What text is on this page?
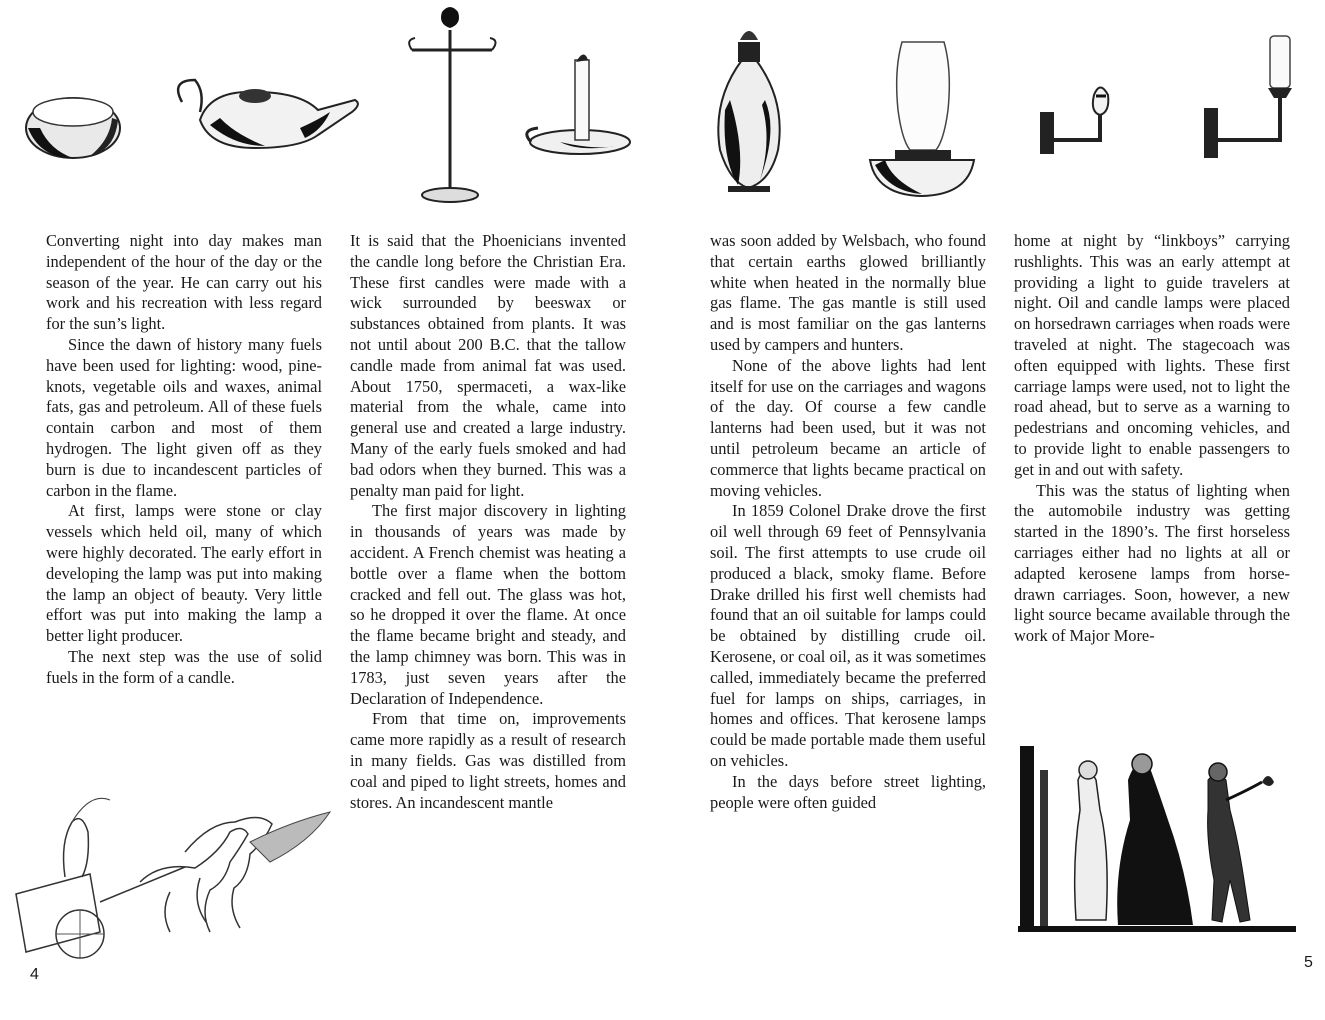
Converting night into day makes man independent of the hour of the day or the season of the year. He can carry out his work and his recreation with less regard for the sun’s light.

Since the dawn of history many fuels have been used for lighting: wood, pine-knots, vegetable oils and waxes, animal fats, gas and petroleum. All of these fuels contain carbon and most of them hydrogen. The light given off as they burn is due to incandescent particles of carbon in the flame.

At first, lamps were stone or clay vessels which held oil, many of which were highly decorated. The early effort in developing the lamp was put into making the lamp an object of beauty. Very little effort was put into making the lamp a better light producer.

The next step was the use of solid fuels in the form of a candle.

It is said that the Phoenicians invented the candle long before the Christian Era. These first candles were made with a wick surrounded by beeswax or substances obtained from plants. It was not until about 200 B.C. that the tallow candle made from animal fat was used. About 1750, spermaceti, a wax-like material from the whale, came into general use and created a large industry. Many of the early fuels smoked and had bad odors when they burned. This was a penalty man paid for light.

The first major discovery in lighting in thousands of years was made by accident. A French chemist was heating a bottle over a flame when the bottom cracked and fell out. The glass was hot, so he dropped it over the flame. At once the flame became bright and steady, and the lamp chimney was born. This was in 1783, just seven years after the Declaration of Independence.

From that time on, improvements came more rapidly as a result of research in many fields. Gas was distilled from coal and piped to light streets, homes and stores. An incandescent mantle

was soon added by Welsbach, who found that certain earths glowed brilliantly white when heated in the normally blue gas flame. The gas mantle is still used and is most familiar on the gas lanterns used by campers and hunters.

None of the above lights had lent itself for use on the carriages and wagons of the day. Of course a few candle lanterns had been used, but it was not until petroleum became an article of commerce that lights became practical on moving vehicles.

In 1859 Colonel Drake drove the first oil well through 69 feet of Pennsylvania soil. The first attempts to use crude oil produced a black, smoky flame. Before Drake drilled his first well chemists had found that an oil suitable for lamps could be obtained by distilling crude oil. Kerosene, or coal oil, as it was sometimes called, immediately became the preferred fuel for lamps on ships, carriages, in homes and offices. That kerosene lamps could be made portable made them useful on vehicles.

In the days before street lighting, people were often guided

home at night by “linkboys” carrying rushlights. This was an early attempt at providing a light to guide travelers at night. Oil and candle lamps were placed on horsedrawn carriages when roads were traveled at night. The stagecoach was often equipped with lights. These first carriage lamps were used, not to light the road ahead, but to serve as a warning to pedestrians and oncoming vehicles, and to provide light to enable passengers to get in and out with safety.

This was the status of lighting when the automobile industry was getting started in the 1890’s. The first horseless carriages either had no lights at all or adapted kerosene lamps from horse-drawn carriages. Soon, however, a new light source became available through the work of Major More-

4
5
